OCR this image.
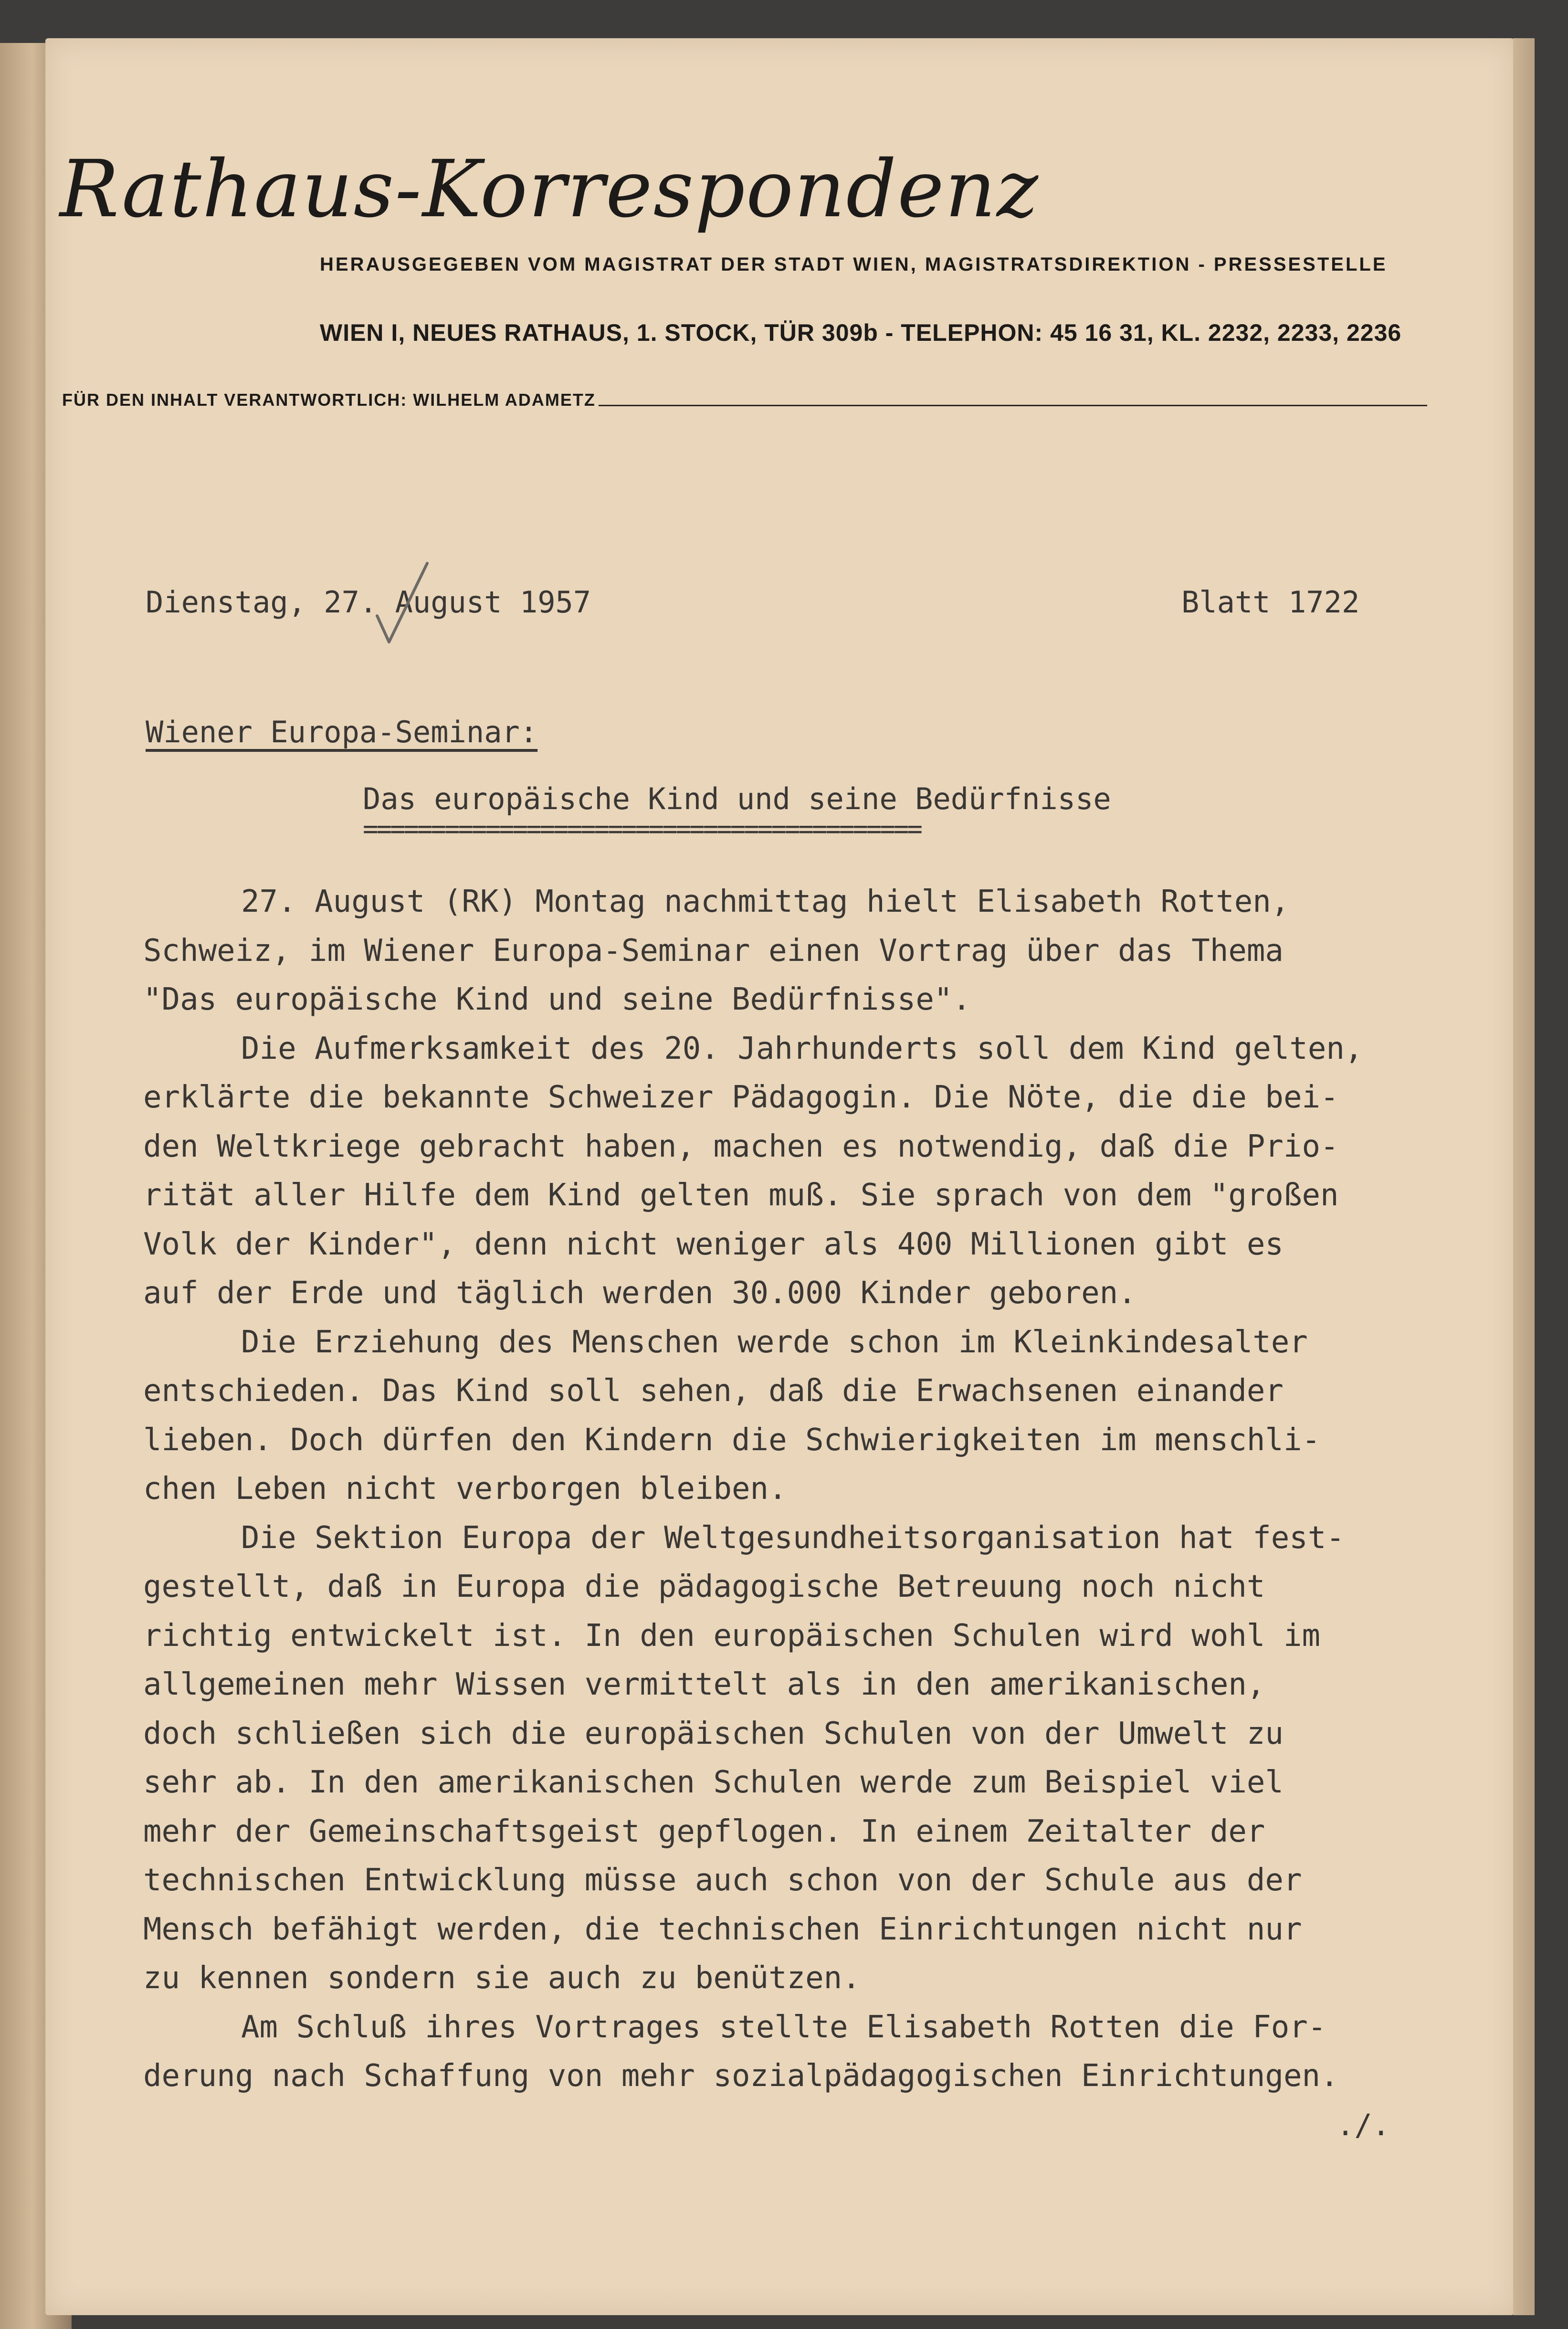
Rathaus-Korrespondenz
HERAUSGEGEBEN VOM MAGISTRAT DER STADT WIEN, MAGISTRATSDIREKTION - PRESSESTELLE
WIEN I, NEUES RATHAUS, 1. STOCK, TÜR 309b - TELEPHON: 45 16 31, KL. 2232, 2233, 2236
FÜR DEN INHALT VERANTWORTLICH: WILHELM ADAMETZ
Dienstag, 27. August 1957	Blatt 1722
Wiener Europa-Seminar:
Das europäische Kind und seine Bedürfnisse
=========================================
27. August (RK) Montag nachmittag hielt Elisabeth Rotten,
Schweiz, im Wiener Europa-Seminar einen Vortrag über das Thema
"Das europäische Kind und seine Bedürfnisse".
Die Aufmerksamkeit des 20. Jahrhunderts soll dem Kind gelten,
erklärte die bekannte Schweizer Pädagogin. Die Nöte, die die bei-
den Weltkriege gebracht haben, machen es notwendig, daß die Prio-
rität aller Hilfe dem Kind gelten muß. Sie sprach von dem "großen
Volk der Kinder", denn nicht weniger als 400 Millionen gibt es
auf der Erde und täglich werden 30.000 Kinder geboren.
Die Erziehung des Menschen werde schon im Kleinkindesalter
entschieden. Das Kind soll sehen, daß die Erwachsenen einander
lieben. Doch dürfen den Kindern die Schwierigkeiten im menschli-
chen Leben nicht verborgen bleiben.
Die Sektion Europa der Weltgesundheitsorganisation hat fest-
gestellt, daß in Europa die pädagogische Betreuung noch nicht
richtig entwickelt ist. In den europäischen Schulen wird wohl im
allgemeinen mehr Wissen vermittelt als in den amerikanischen,
doch schließen sich die europäischen Schulen von der Umwelt zu
sehr ab. In den amerikanischen Schulen werde zum Beispiel viel
mehr der Gemeinschaftsgeist gepflogen. In einem Zeitalter der
technischen Entwicklung müsse auch schon von der Schule aus der
Mensch befähigt werden, die technischen Einrichtungen nicht nur
zu kennen sondern sie auch zu benützen.
Am Schluß ihres Vortrages stellte Elisabeth Rotten die For-
derung nach Schaffung von mehr sozialpädagogischen Einrichtungen.
./.
